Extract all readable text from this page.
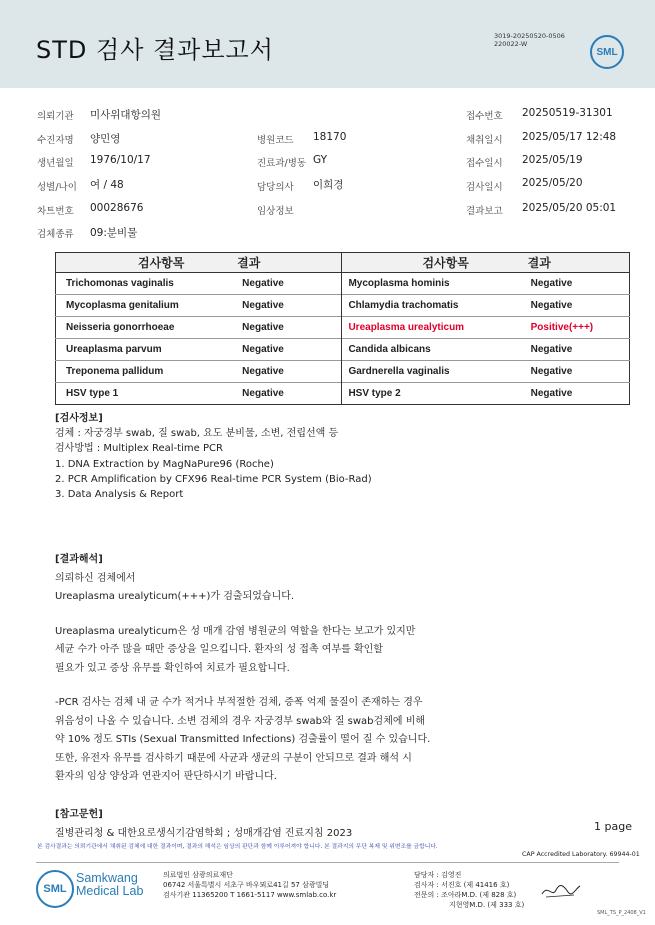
STD 검사 결과보고서	3019-20250520-0506
220022-W
SML
의뢰기관 미사위대항의원	접수번호 20250519-31301
수진자명 양민영	병원코드 18170	채취일시 2025/05/17 12:48
생년월일 1976/10/17	진료과/병동 GY	접수일시 2025/05/19
성별/나이 여 / 48	담당의사 이희경	검사일시 2025/05/20
차트번호 00028676	임상정보	결과보고 2025/05/20 05:01
검체종류 09:분비물
검사항목	결과	검사항목	결과
Trichomonas vaginalis	Negative	Mycoplasma hominis	Negative
Mycoplasma genitalium	Negative	Chlamydia trachomatis	Negative
Neisseria gonorrhoeae	Negative	Ureaplasma urealyticum	Positive(+++)
Ureaplasma parvum	Negative	Candida albicans	Negative
Treponema pallidum	Negative	Gardnerella vaginalis	Negative
HSV type 1	Negative	HSV type 2	Negative
[검사정보]
검체 : 자궁경부 swab, 질 swab, 요도 분비물, 소변, 전립선액 등
검사방법 : Multiplex Real-time PCR
1. DNA Extraction by MagNaPure96 (Roche)
2. PCR Amplification by CFX96 Real-time PCR System (Bio-Rad)
3. Data Analysis & Report
[결과해석]
의뢰하신 검체에서
Ureaplasma urealyticum(+++)가 검출되었습니다.
Ureaplasma urealyticum은 성 매개 감염 병원균의 역할을 한다는 보고가 있지만
세균 수가 아주 많을 때만 증상을 일으킵니다. 환자의 성 접촉 여부를 확인할
필요가 있고 증상 유무를 확인하여 치료가 필요합니다.
-PCR 검사는 검체 내 균 수가 적거나 부적절한 검체, 증폭 억제 물질이 존재하는 경우
위음성이 나올 수 있습니다. 소변 검체의 경우 자궁경부 swab와 질 swab검체에 비해
약 10% 정도 STIs (Sexual Transmitted Infections) 검출률이 떨어 질 수 있습니다.
또한, 유전자 유무를 검사하기 때문에 사균과 생균의 구분이 안되므로 결과 해석 시
환자의 임상 양상과 연관지어 판단하시기 바랍니다.
[참고문헌]
질병관리청 & 대한요로생식기감염학회 ; 성매개감염 진료지침 2023	1 page
본 검사결과는 의뢰기관에서 채취된 검체에 대한 결과이며, 결과의 해석은 임상의 판단과 함께 이루어져야 합니다. 본 결과지의 무단 복제 및 위변조를 금합니다.
CAP Accredited Laboratory. 69944-01
SML
Samkwang
Medical Lab
의료법인 삼광의료재단
06742 서울특별시 서초구 바우뫼로41길 57 삼광빌딩
검사기관 11365200 T 1661-5117 www.smlab.co.kr
담당자 : 김영진
검사자 : 서진호 (제 41416 호)
전문의 : 조아라M.D. (제 828 호)
지현영M.D. (제 333 호)
SML_TS_P_2408_V1
